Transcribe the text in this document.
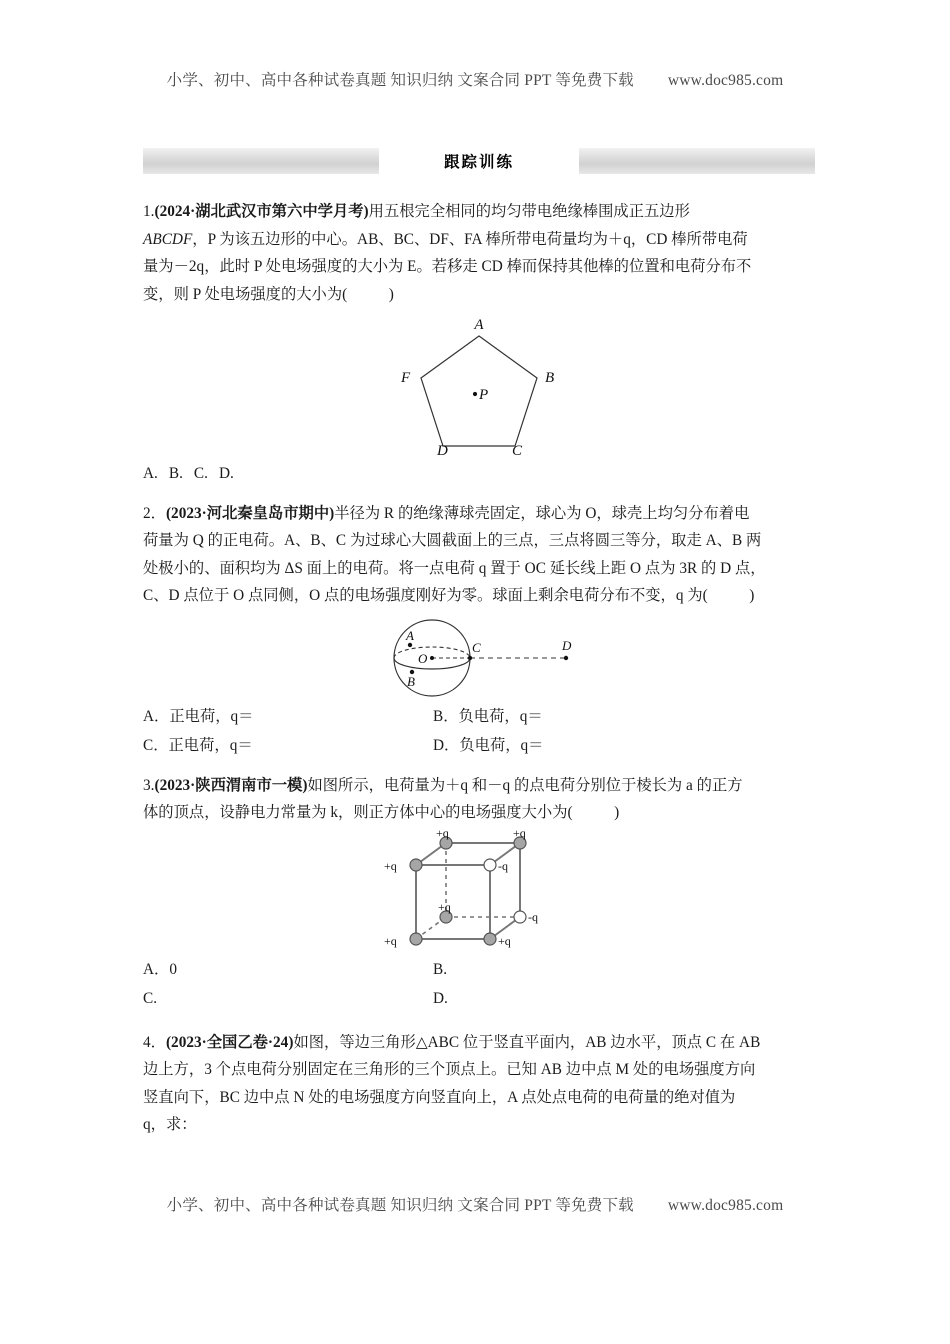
小学、初中、高中各种试卷真题 知识归纳 文案合同 PPT 等免费下载 www.doc985.com
跟踪训练
1.(2024·湖北武汉市第六中学月考)用五根完全相同的均匀带电绝缘棒围成正五边形
ABCDF，P 为该五边形的中心。AB、BC、DF、FA 棒所带电荷量均为＋q，CD 棒所带电荷
量为－2q，此时 P 处电场强度的大小为 E。若移走 CD 棒而保持其他棒的位置和电荷分布不
变，则 P 处电场强度的大小为(	)
A
B
C
D
F
P
A. B. C. D.
2．(2023·河北秦皇岛市期中)半径为 R 的绝缘薄球壳固定，球心为 O，球壳上均匀分布着电
荷量为 Q 的正电荷。A、B、C 为过球心大圆截面上的三点，三点将圆三等分，取走 A、B 两
处极小的、面积均为 ΔS 面上的电荷。将一点电荷 q 置于 OC 延长线上距 O 点为 3R 的 D 点，
C、D 点位于 O 点同侧，O 点的电场强度刚好为零。球面上剩余电荷分布不变，q 为(	)
A
B
C	D
O
A．正电荷，q＝	B．负电荷，q＝
C．正电荷，q＝	D．负电荷，q＝
3.(2023·陕西渭南市一模)如图所示，电荷量为＋q 和－q 的点电荷分别位于棱长为 a 的正方
体的顶点，设静电力常量为 k，则正方体中心的电场强度大小为(	)
+q	+q
+q	-q
+q
-q
+q	+q
A．0	B.
C.	D.
4．(2023·全国乙卷·24)如图，等边三角形△ABC 位于竖直平面内，AB 边水平，顶点 C 在 AB
边上方，3 个点电荷分别固定在三角形的三个顶点上。已知 AB 边中点 M 处的电场强度方向
竖直向下，BC 边中点 N 处的电场强度方向竖直向上，A 点处点电荷的电荷量的绝对值为
q，求：
小学、初中、高中各种试卷真题 知识归纳 文案合同 PPT 等免费下载 www.doc985.com
